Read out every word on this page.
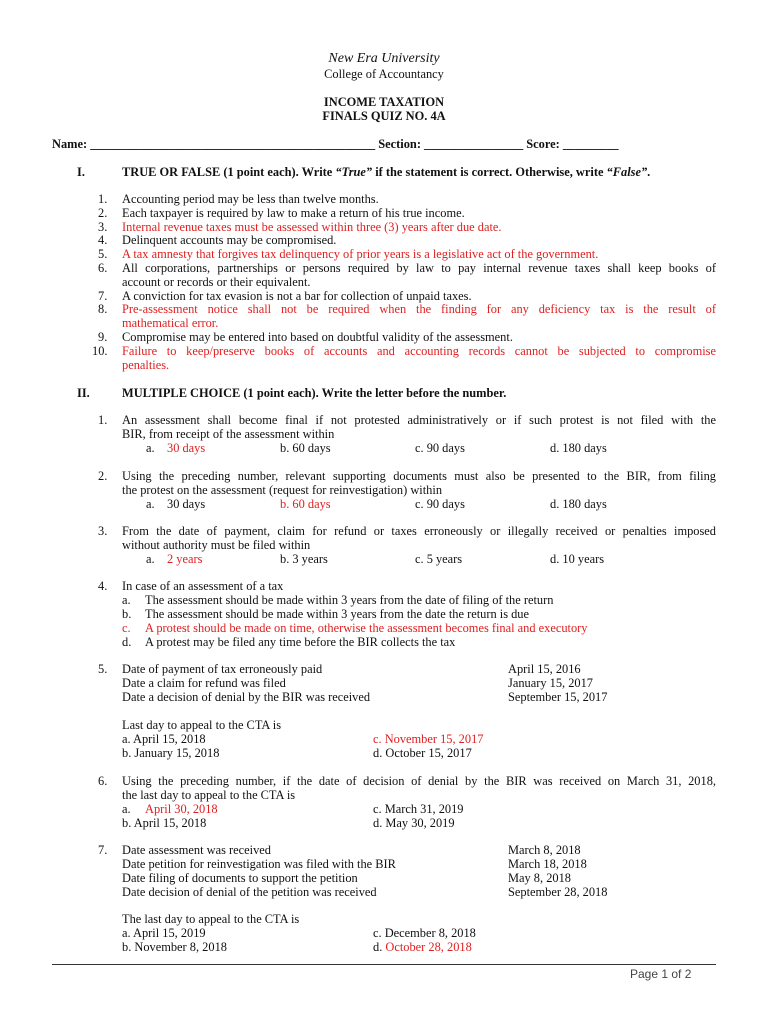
New Era University
College of Accountancy
INCOME TAXATION
FINALS QUIZ NO. 4A
Name: ______________________________________________ Section: ________________ Score: _________
I.	TRUE OR FALSE (1 point each). Write “True” if the statement is correct. Otherwise, write “False”.
1. Accounting period may be less than twelve months.
2. Each taxpayer is required by law to make a return of his true income.
3. Internal revenue taxes must be assessed within three (3) years after due date.
4. Delinquent accounts may be compromised.
5. A tax amnesty that forgives tax delinquency of prior years is a legislative act of the government.
6. All corporations, partnerships or persons required by law to pay internal revenue taxes shall keep books of
account or records or their equivalent.
7. A conviction for tax evasion is not a bar for collection of unpaid taxes.
8. Pre-assessment notice shall not be required when the finding for any deficiency tax is the result of
mathematical error.
9. Compromise may be entered into based on doubtful validity of the assessment.
10. Failure to keep/preserve books of accounts and accounting records cannot be subjected to compromise
penalties.
II.	MULTIPLE CHOICE (1 point each). Write the letter before the number.
1. An assessment shall become final if not protested administratively or if such protest is not filed with the
BIR, from receipt of the assessment within
a. 30 days	b. 60 days	c. 90 days	d. 180 days
2. Using the preceding number, relevant supporting documents must also be presented to the BIR, from filing
the protest on the assessment (request for reinvestigation) within
a. 30 days	b. 60 days	c. 90 days	d. 180 days
3. From the date of payment, claim for refund or taxes erroneously or illegally received or penalties imposed
without authority must be filed within
a. 2 years	b. 3 years	c. 5 years	d. 10 years
4. In case of an assessment of a tax
a. The assessment should be made within 3 years from the date of filing of the return
b. The assessment should be made within 3 years from the date the return is due
c. A protest should be made on time, otherwise the assessment becomes final and executory
d. A protest may be filed any time before the BIR collects the tax
5. Date of payment of tax erroneously paid	April 15, 2016
Date a claim for refund was filed	January 15, 2017
Date a decision of denial by the BIR was received	September 15, 2017
Last day to appeal to the CTA is
a. April 15, 2018
b. January 15, 2018
c. November 15, 2017
d. October 15, 2017
6. Using the preceding number, if the date of decision of denial by the BIR was received on March 31, 2018,
the last day to appeal to the CTA is
a. April 30, 2018
b. April 15, 2018
c. March 31, 2019
d. May 30, 2019
7. Date assessment was received	March 8, 2018
Date petition for reinvestigation was filed with the BIR	March 18, 2018
Date filing of documents to support the petition	May 8, 2018
Date decision of denial of the petition was received	September 28, 2018
The last day to appeal to the CTA is
a. April 15, 2019
b. November 8, 2018
c. December 8, 2018
d. October 28, 2018
Page 1 of 2
